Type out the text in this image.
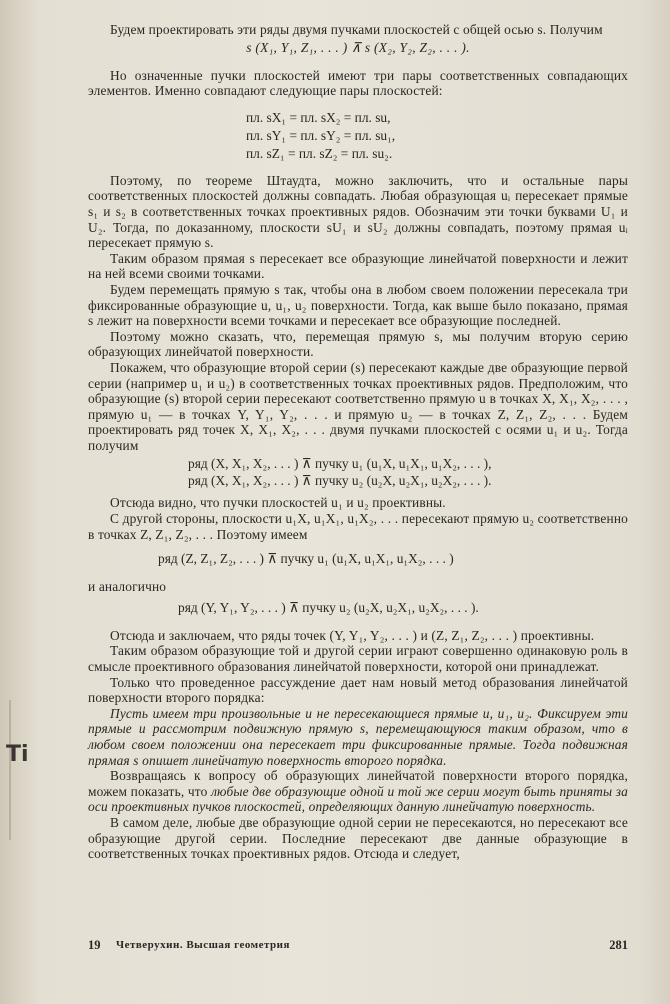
Будем проектировать эти ряды двумя пучками плоскостей с общей осью s. Получим

s (X₁, Y₁, Z₁, . . . ) ⊼ s (X₂, Y₂, Z₂, . . . ).

Но означенные пучки плоскостей имеют три пары соответственных совпадающих элементов. Именно совпадают следующие пары плоскостей:

пл. sX₁ = пл. sX₂ = пл. su,
пл. sY₁ = пл. sY₂ = пл. su₁,
пл. sZ₁ = пл. sZ₂ = пл. su₂.

Поэтому, по теореме Штаудта, можно заключить, что и остальные пары соответственных плоскостей должны совпадать. Любая образующая uᵢ пересекает прямые s₁ и s₂ в соответственных точках проективных рядов. Обозначим эти точки буквами U₁ и U₂. Тогда, по доказанному, плоскости sU₁ и sU₂ должны совпадать, поэтому прямая uᵢ пересекает прямую s.

Таким образом прямая s пересекает все образующие линейчатой поверхности и лежит на ней всеми своими точками.

Будем перемещать прямую s так, чтобы она в любом своем положении пересекала три фиксированные образующие u, u₁, u₂ поверхности. Тогда, как выше было показано, прямая s лежит на поверхности всеми точками и пересекает все образующие последней.

Поэтому можно сказать, что, перемещая прямую s, мы получим вторую серию образующих линейчатой поверхности.

Покажем, что образующие второй серии (s) пересекают каждые две образующие первой серии (например u₁ и u₂) в соответственных точках проективных рядов. Предположим, что образующие (s) второй серии пересекают соответственно прямую u в точках X, X₁, X₂, . . . , прямую u₁ — в точках Y, Y₁, Y₂, . . . и прямую u₂ — в точках Z, Z₁, Z₂, . . . Будем проектировать ряд точек X, X₁, X₂, . . . двумя пучками плоскостей с осями u₁ и u₂. Тогда получим

ряд (X, X₁, X₂, . . . ) ⊼ пучку u₁ (u₁X, u₁X₁, u₁X₂, . . . ),
ряд (X, X₁, X₂, . . . ) ⊼ пучку u₂ (u₂X, u₂X₁, u₂X₂, . . . ).

Отсюда видно, что пучки плоскостей u₁ и u₂ проективны.

С другой стороны, плоскости u₁X, u₁X₁, u₁X₂, . . . пересекают прямую u₂ соответственно в точках Z, Z₁, Z₂, . . . Поэтому имеем

ряд (Z, Z₁, Z₂, . . . ) ⊼ пучку u₁ (u₁X, u₁X₁, u₁X₂, . . . )

и аналогично

ряд (Y, Y₁, Y₂, . . . ) ⊼ пучку u₂ (u₂X, u₂X₁, u₂X₂, . . . ).

Отсюда и заключаем, что ряды точек (Y, Y₁, Y₂, . . . ) и (Z, Z₁, Z₂, . . . ) проективны.

Таким образом образующие той и другой серии играют совершенно одинаковую роль в смысле проективного образования линейчатой поверхности, которой они принадлежат.

Только что проведенное рассуждение дает нам новый метод образования линейчатой поверхности второго порядка:

Пусть имеем три произвольные и не пересекающиеся прямые u, u₁, u₂. Фиксируем эти прямые и рассмотрим подвижную прямую s, перемещающуюся таким образом, что в любом своем положении она пересекает три фиксированные прямые. Тогда подвижная прямая s опишет линейчатую поверхность второго порядка.

Возвращаясь к вопросу об образующих линейчатой поверхности второго порядка, можем показать, что любые две образующие одной и той же серии могут быть приняты за оси проективных пучков плоскостей, определяющих данную линейчатую поверхность.

В самом деле, любые две образующие одной серии не пересекаются, но пересекают все образующие другой серии. Последние пересекают две данные образующие в соответственных точках проективных рядов. Отсюда и следует,

Ti
19 Четверухин. Высшая геометрия	281
